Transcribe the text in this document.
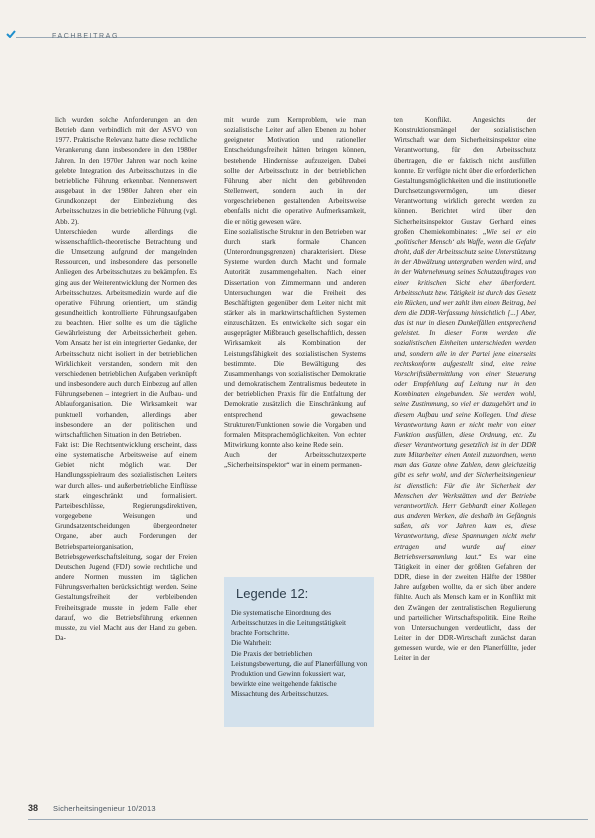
FACHBEITRAG

lich wurden solche Anforderungen an den Betrieb dann verbindlich mit der ASVO von 1977. Praktische Relevanz hatte diese rechtliche Verankerung dann insbesondere in den 1980er Jahren. In den 1970er Jahren war noch keine gelebte Integration des Arbeitsschutzes in die betriebliche Führung erkennbar. Nennenswert ausgebaut in der 1980er Jahren eher ein Grundkonzept der Einbeziehung des Arbeitsschutzes in die betriebliche Führung (vgl. Abb. 2).

Unterschieden wurde allerdings die wissenschaftlich-theoretische Betrachtung und die Umsetzung aufgrund der mangelnden Ressourcen, und insbesondere das personelle Anliegen des Arbeitsschutzes zu bekämpfen. Es ging aus der Weiterentwicklung der Normen des Arbeitsschutzes. Arbeitsmedizin wurde auf die operative Führung orientiert, um ständig gesundheitlich kontrollierte Führungsaufgaben zu beachten. Hier sollte es um die tägliche Gewährleistung der Arbeitssicherheit gehen. Vom Ansatz her ist ein integrierter Gedanke, der Arbeitsschutz nicht isoliert in der betrieblichen Wirklichkeit verstanden, sondern mit den verschiedenen betrieblichen Aufgaben verknüpft und insbesondere auch durch Einbezug auf allen Führungsebenen – integriert in die Aufbau- und Ablauforganisation. Die Wirksamkeit war punktuell vorhanden, allerdings aber insbesondere an der politischen und wirtschaftlichen Situation in den Betrieben.

Fakt ist: Die Rechtsentwicklung erscheint, dass eine systematische Arbeitsweise auf einem Gebiet nicht möglich war. Der Handlungsspielraum des sozialistischen Leiters war durch alles- und außerbetriebliche Einflüsse stark eingeschränkt und formalisiert. Parteibeschlüsse, Regierungsdirektiven, vorgegebene Weisungen und Grundsatzentscheidungen übergeordneter Organe, aber auch Forderungen der Betriebsparteiorganisation, Betriebsgewerkschaftsleitung, sogar der Freien Deutschen Jugend (FDJ) sowie rechtliche und andere Normen mussten im täglichen Führungsverhalten berücksichtigt werden. Seine Gestaltungsfreiheit der verbleibenden Freiheitsgrade musste in jedem Falle eher darauf, wo die Betriebsführung erkennen musste, zu viel Macht aus der Hand zu geben. Da-

mit wurde zum Kernproblem, wie man sozialistische Leiter auf allen Ebenen zu hoher geeigneter Motivation und rationeller Entscheidungsfreiheit hätten bringen können, bestehende Hindernisse aufzuzeigen. Dabei sollte der Arbeitsschutz in der betrieblichen Führung aber nicht den gebührenden Stellenwert, sondern auch in der vorgeschriebenen gestaltenden Arbeitsweise ebenfalls nicht die operative Aufmerksamkeit, die er nötig gewesen wäre.

Eine sozialistische Struktur in den Betrieben war durch stark formale Chancen (Unterordnungsgrenzen) charakterisiert. Diese Systeme wurden durch Macht und formale Autorität zusammengehalten. Nach einer Dissertation von Zimmermann und anderen Untersuchungen war die Freiheit des Beschäftigten gegenüber dem Leiter nicht mit stärker als in marktwirtschaftlichen Systemen einzuschätzen. Es entwickelte sich sogar ein ausgeprägter Mißbrauch gesellschaftlich, dessen Wirksamkeit als Kombination der Leistungsfähigkeit des sozialistischen Systems bestimmte. Die Bewältigung des Zusammenhangs von sozialistischer Demokratie und demokratischem Zentralismus bedeutete in der betrieblichen Praxis für die Entfaltung der Demokratie zusätzlich die Einschränkung auf entsprechend gewachsene Strukturen/Funktionen sowie die Vorgaben und formalen Mitsprachemöglichkeiten. Von echter Mitwirkung konnte also keine Rede sein.

Auch der Arbeitsschutzexperte „Sicherheitsinspektor“ war in einem permanen-

Legende 12:

Die systematische Einordnung des Arbeitsschutzes in die Leitungstätigkeit brachte Fortschritte.

Die Wahrheit:

Die Praxis der betrieblichen Leistungsbewertung, die auf Planerfüllung von Produktion und Gewinn fokussiert war, bewirkte eine weitgehende faktische Missachtung des Arbeitsschutzes.

ten Konflikt. Angesichts der Konstruktionsmängel der sozialistischen Wirtschaft war dem Sicherheitsinspektor eine Verantwortung, für den Arbeitsschutz übertragen, die er faktisch nicht ausfüllen konnte. Er verfügte nicht über die erforderlichen Gestaltungsmöglichkeiten und die institutionelle Durchsetzungsvermögen, um dieser Verantwortung wirklich gerecht werden zu können. Berichtet wird über den Sicherheitsinspektor Gustav Gerhard eines großen Chemiekombinates: „Wie sei er ein ‚politischer Mensch‘ als Waffe, wenn die Gefahr droht, daß der Arbeitsschutz seine Unterstützung in der Abwälzung untergraben werden wird, und in der Wahrnehmung seines Schutzauftrages von einer kritischen Sicht eher überfordert. Arbeitsschutz bzw. Tätigkeit ist durch das Gesetz ein Rücken, und wer zahlt ihm einen Beitrag, bei dem die DDR-Verfassung hinsichtlich [...] Aber, das ist nur in diesen Dunkelfällen entsprechend geleistet. In dieser Form werden die sozialistischen Einheiten unterschieden werden und, sondern alle in der Partei jene einerseits rechtskonform aufgestellt sind, eine reine Vorschriftsübermittlung von einer Steuerung oder Empfehlung auf Leitung nur in den Kombinaten eingebunden. Sie werden wohl, seine Zustimmung, so viel er dazugehört und in diesem Aufbau und seine Kollegen. Und diese Verantwortung kann er nicht mehr von einer Funktion ausfüllen, diese Ordnung, etc. Zu dieser Verantwortung gesetzlich ist in der DDR zum Mitarbeiter einen Anteil zuzuordnen, wenn man das Ganze ohne Zahlen, denn gleichzeitig gibt es sehr wohl, und der Sicherheitsingenieur ist dienstlich: Für die ihr Sicherheit der Menschen der Werkstätten und der Betriebe verantwortlich. Herr Gebhardt einer Kollegen aus anderen Werken, die deshalb im Gefängnis saßen, als vor Jahren kam es, diese Verantwortung, diese Spannungen nicht mehr ertragen und wurde auf einer Betriebsversammlung laut.“ Es war eine Tätigkeit in einer der größten Gefahren der DDR, diese in der zweiten Hälfte der 1980er Jahre aufgeben wollte, da er sich über andere fühlte. Auch als Mensch kam er in Konflikt mit den Zwängen der zentralistischen Regulierung und parteilicher Wirtschaftspolitik. Eine Reihe von Untersuchungen verdeutlicht, dass der Leiter in der DDR-Wirtschaft zunächst daran gemessen wurde, wie er den Planerfüllte, jeder Leiter in der

38 Sicherheitsingenieur 10/2013
